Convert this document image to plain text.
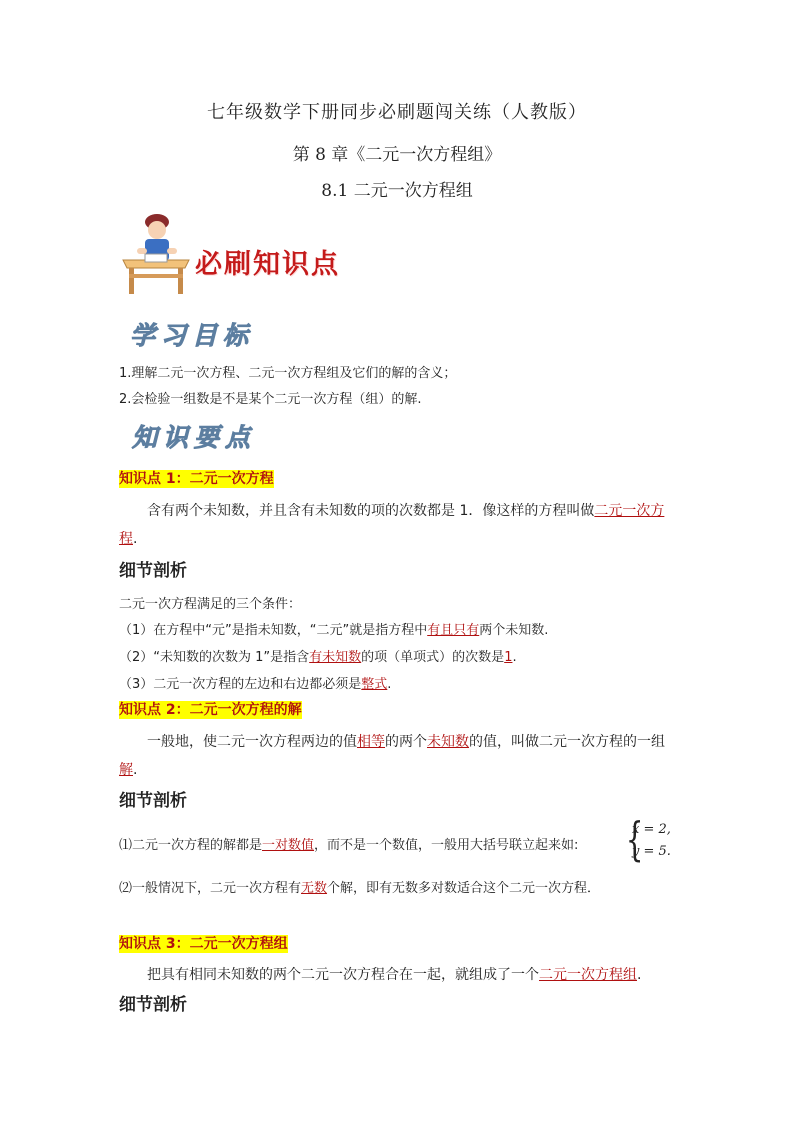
七年级数学下册同步必刷题闯关练（人教版）
第 8 章《二元一次方程组》
8.1 二元一次方程组
必刷知识点
学习目标
1.理解二元一次方程、二元一次方程组及它们的解的含义；
2.会检验一组数是不是某个二元一次方程（组）的解.
知识要点
知识点 1：二元一次方程
含有两个未知数，并且含有未知数的项的次数都是 1．像这样的方程叫做二元一次方
程.
细节剖析
二元一次方程满足的三个条件：
（1）在方程中“元”是指未知数，“二元”就是指方程中有且只有两个未知数.
（2）“未知数的次数为 1”是指含有未知数的项（单项式）的次数是1.
（3）二元一次方程的左边和右边都必须是整式.
知识点 2：二元一次方程的解
一般地，使二元一次方程两边的值相等的两个未知数的值，叫做二元一次方程的一组
解.
细节剖析
⑴二元一次方程的解都是一对数值，而不是一个数值，一般用大括号联立起来如: {
x = 2,
y = 5.
⑵一般情况下，二元一次方程有无数个解，即有无数多对数适合这个二元一次方程．
知识点 3：二元一次方程组
把具有相同未知数的两个二元一次方程合在一起，就组成了一个二元一次方程组.
细节剖析
